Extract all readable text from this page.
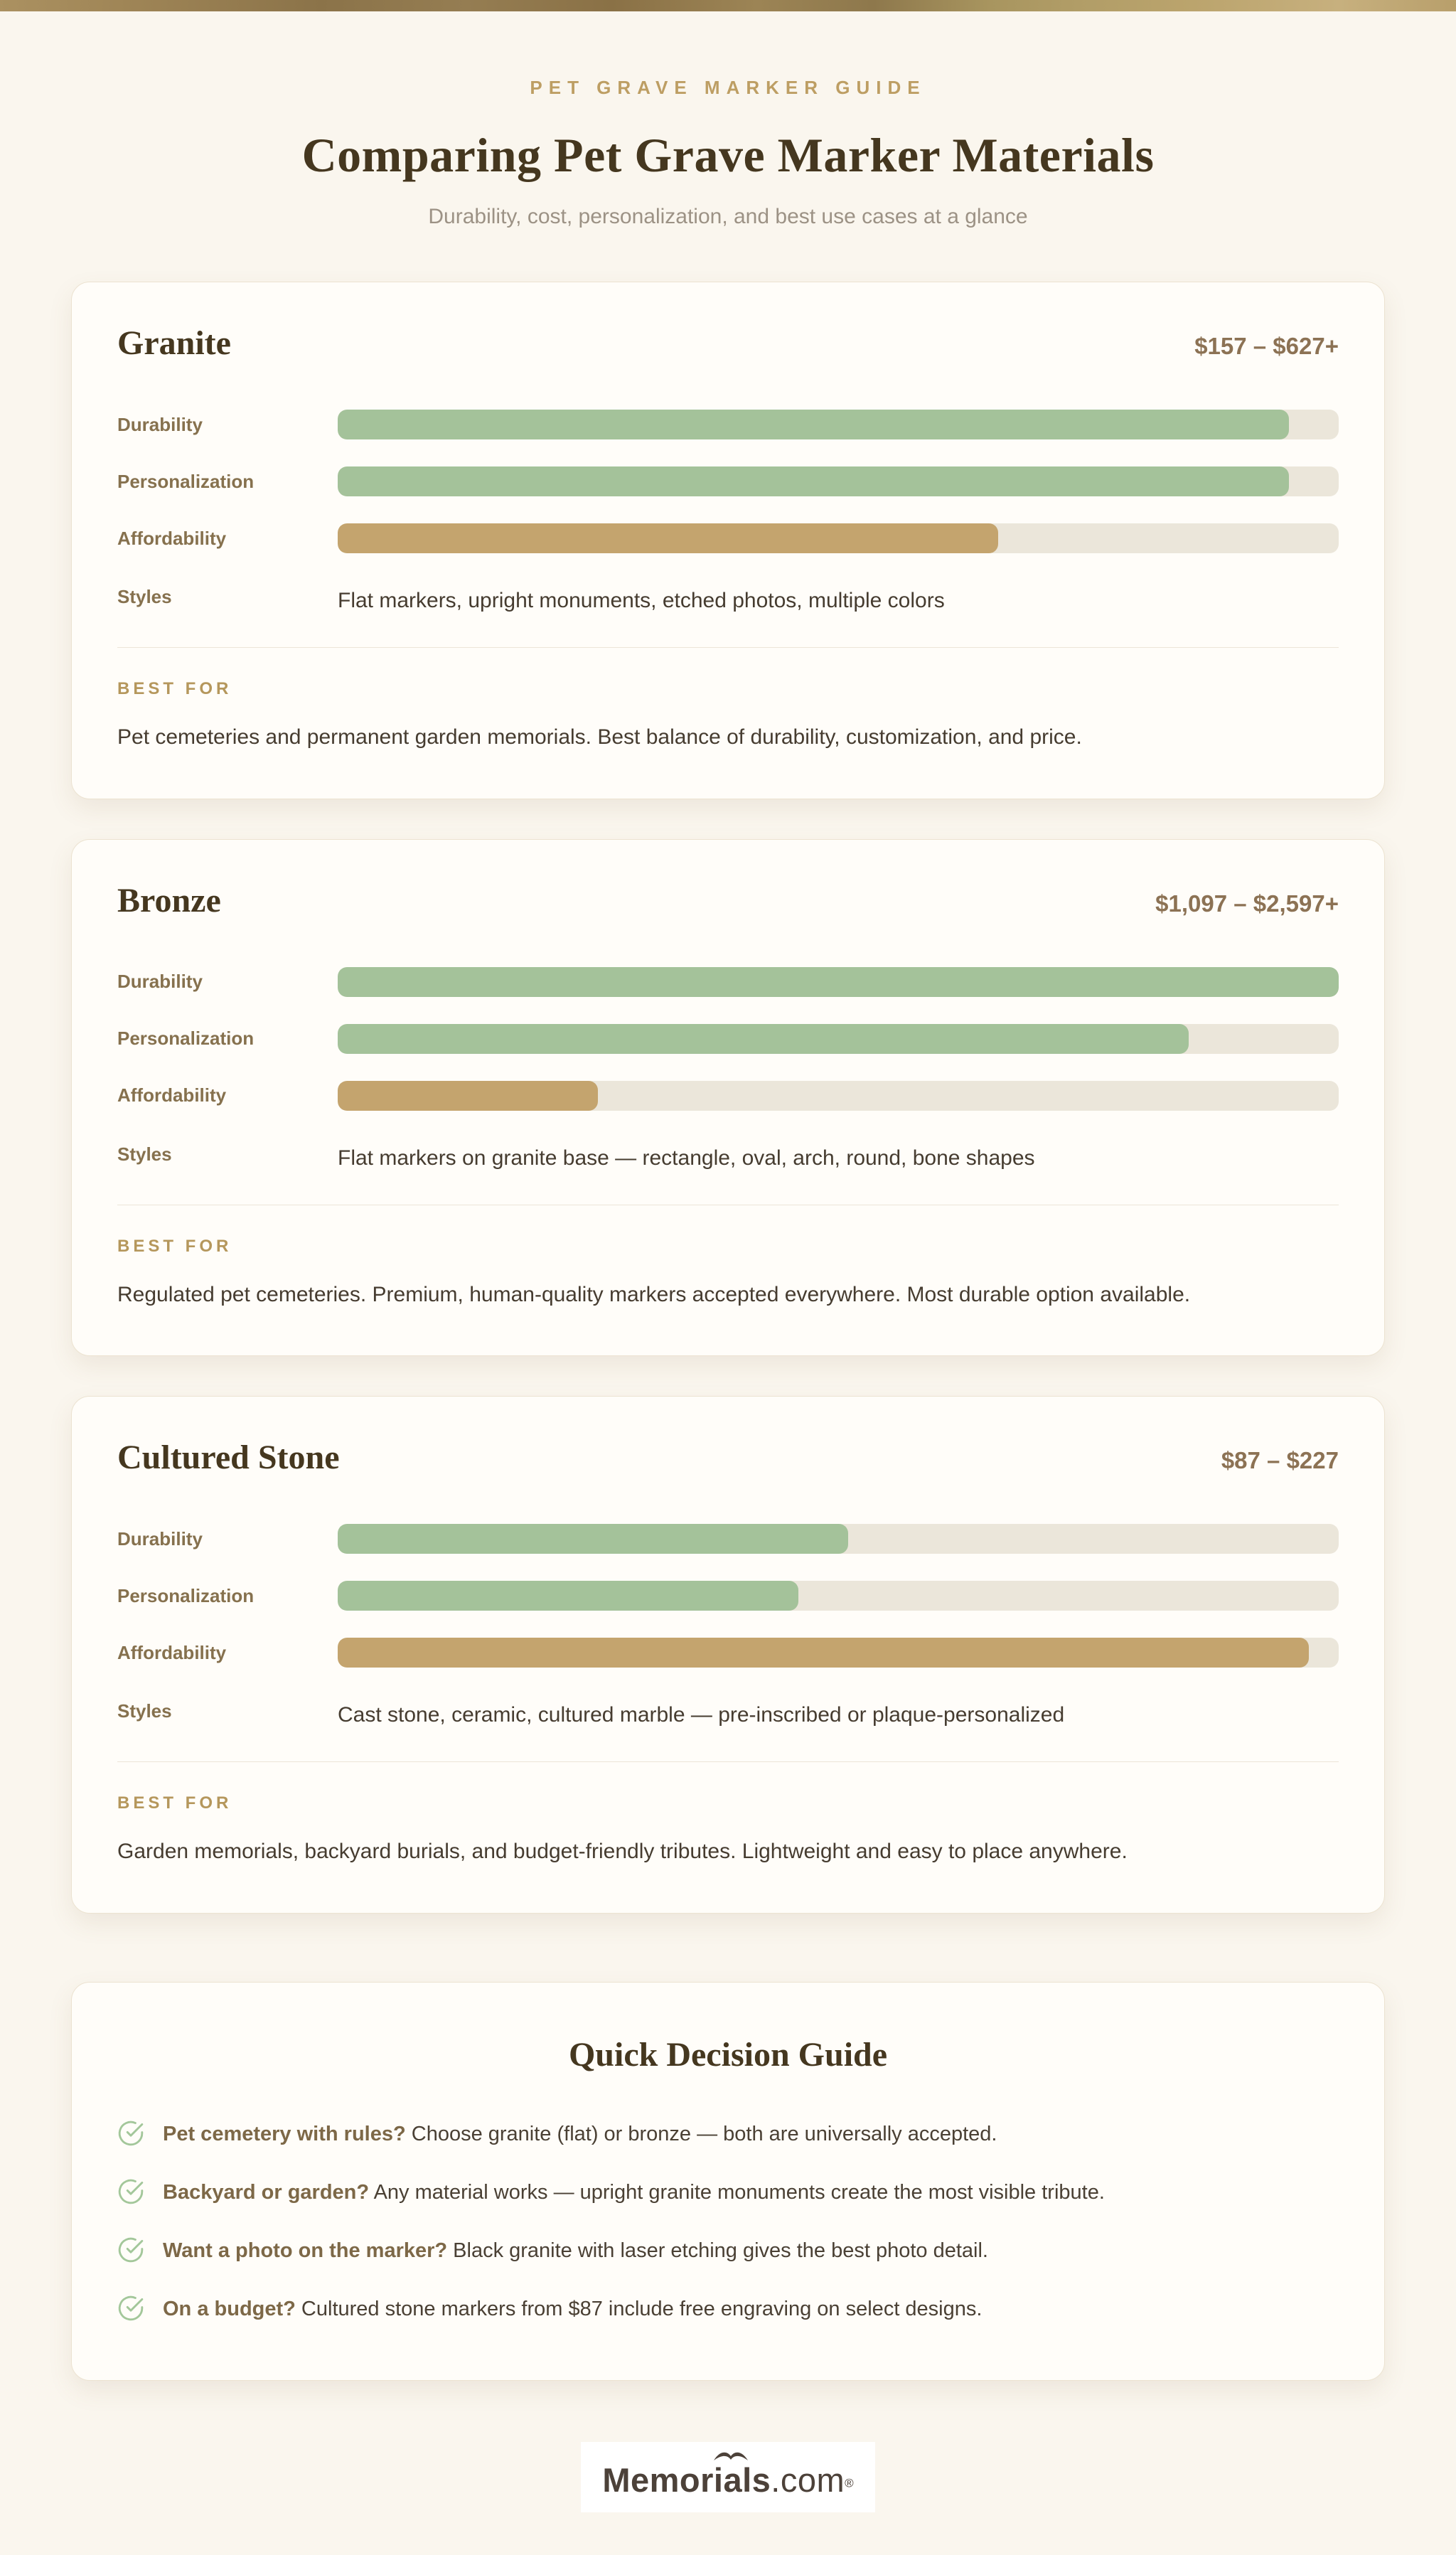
PET GRAVE MARKER GUIDE
Comparing Pet Grave Marker Materials
Durability, cost, personalization, and best use cases at a glance
Granite	$157 – $627+
Durability
Personalization
Affordability
Styles	Flat markers, upright monuments, etched photos, multiple colors
BEST FOR
Pet cemeteries and permanent garden memorials. Best balance of durability, customization, and price.
Bronze	$1,097 – $2,597+
Durability
Personalization
Affordability
Styles	Flat markers on granite base — rectangle, oval, arch, round, bone shapes
BEST FOR
Regulated pet cemeteries. Premium, human-quality markers accepted everywhere. Most durable option available.
Cultured Stone	$87 – $227
Durability
Personalization
Affordability
Styles	Cast stone, ceramic, cultured marble — pre-inscribed or plaque-personalized
BEST FOR
Garden memorials, backyard burials, and budget-friendly tributes. Lightweight and easy to place anywhere.
Quick Decision Guide
Pet cemetery with rules? Choose granite (flat) or bronze — both are universally accepted.
Backyard or garden? Any material works — upright granite monuments create the most visible tribute.
Want a photo on the marker? Black granite with laser etching gives the best photo detail.
On a budget? Cultured stone markers from $87 include free engraving on select designs.
Memorials.com®
